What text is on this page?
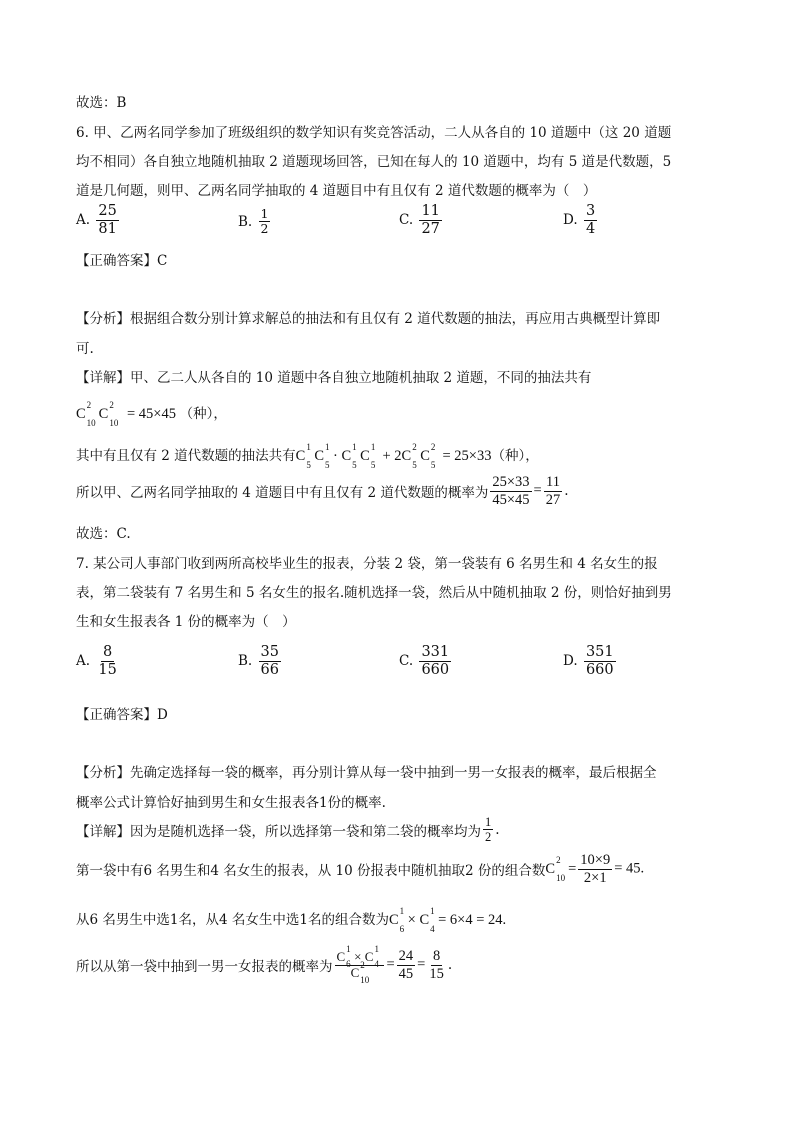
故选：B
6. 甲、乙两名同学参加了班级组织的数学知识有奖竞答活动，二人从各自的 10 道题中（这 20 道题
均不相同）各自独立地随机抽取 2 道题现场回答，已知在每人的 10 道题中，均有 5 道是代数题，5
道是几何题，则甲、乙两名同学抽取的 4 道题目中有且仅有 2 道代数题的概率为（　）
A. $\frac{25}{81}$	B. $\frac{1}{2}$	C. $\frac{11}{27}$	D. $\frac{3}{4}$
【正确答案】C
【分析】根据组合数分别计算求解总的抽法和有且仅有 2 道代数题的抽法，再应用古典概型计算即
可.
【详解】甲、乙二人从各自的 10 道题中各自独立地随机抽取 2 道题，不同的抽法共有
C
2
10
C
2
10
= 45×45 （种），
其中有且仅有 2 道代数题的抽法共有C
1
5
C
1
5
· C
1
5
C
1
5
+ 2C
2
5
C
2
5
= 25×33（种），
所以甲、乙两名同学抽取的 4 道题目中有且仅有 2 道代数题的概率为 $\frac{25\times 33}{45\times 45} = \frac{11}{27}$ .
故选：C.
7. 某公司人事部门收到两所高校毕业生的报表，分装 2 袋，第一袋装有 6 名男生和 4 名女生的报
表，第二袋装有 7 名男生和 5 名女生的报名.随机选择一袋，然后从中随机抽取 2 份，则恰好抽到男
生和女生报表各 1 份的概率为（　）
A. $\frac{8}{15}$	B. $\frac{35}{66}$	C. $\frac{331}{660}$	D. $\frac{351}{660}$
【正确答案】D
【分析】先确定选择每一袋的概率，再分别计算从每一袋中抽到一男一女报表的概率，最后根据全
概率公式计算恰好抽到男生和女生报表各1份的概率.
【详解】因为是随机选择一袋，所以选择第一袋和第二袋的概率均为 $\frac{1}{2}$ .
第一袋中有6 名男生和4 名女生的报表，从 10 份报表中随机抽取2 份的组合数C
2
10
= $\frac{10\times 9}{2\times 1} = 45$.
从6 名男生中选1名，从4 名女生中选1名的组合数为C
1
6
× C
1
4
= 6×4 = 24.
所以从第一袋中抽到一男一女报表的概率为 C 1
6
× C 1
4
C 2
$10 = \frac{24}{45} = \frac{8}{15}$ .
